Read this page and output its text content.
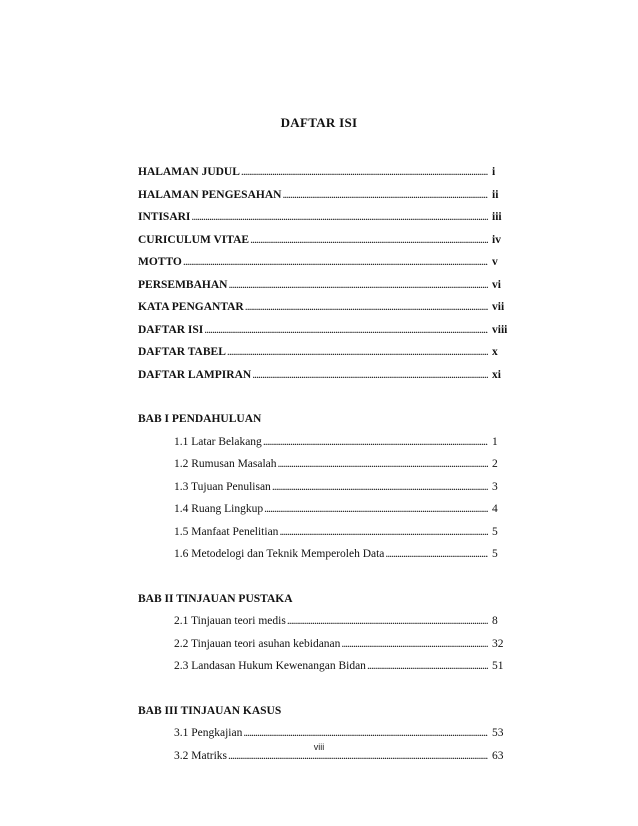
DAFTAR ISI
HALAMAN JUDUL . . .	i
HALAMAN PENGESAHAN . . .	ii
INTISARI . . .	iii
CURICULUM VITAE . . .	iv
MOTTO . . .	v
PERSEMBAHAN . . .	vi
KATA PENGANTAR . . .	vii
DAFTAR ISI . . .	viii
DAFTAR TABEL . . .	x
DAFTAR LAMPIRAN . . .	xi
BAB I PENDAHULUAN
1.1 Latar Belakang . . .	1
1.2 Rumusan Masalah . . .	2
1.3 Tujuan Penulisan . . .	3
1.4 Ruang Lingkup . . .	4
1.5 Manfaat Penelitian . . .	5
1.6 Metodelogi dan Teknik Memperoleh Data . . .	5
BAB II TINJAUAN PUSTAKA
2.1 Tinjauan teori medis . . .	8
2.2 Tinjauan teori asuhan kebidanan . . .	32
2.3 Landasan Hukum Kewenangan Bidan . . .	51
BAB III TINJAUAN KASUS
3.1 Pengkajian . . .	53
3.2 Matriks . . .	63
viii
